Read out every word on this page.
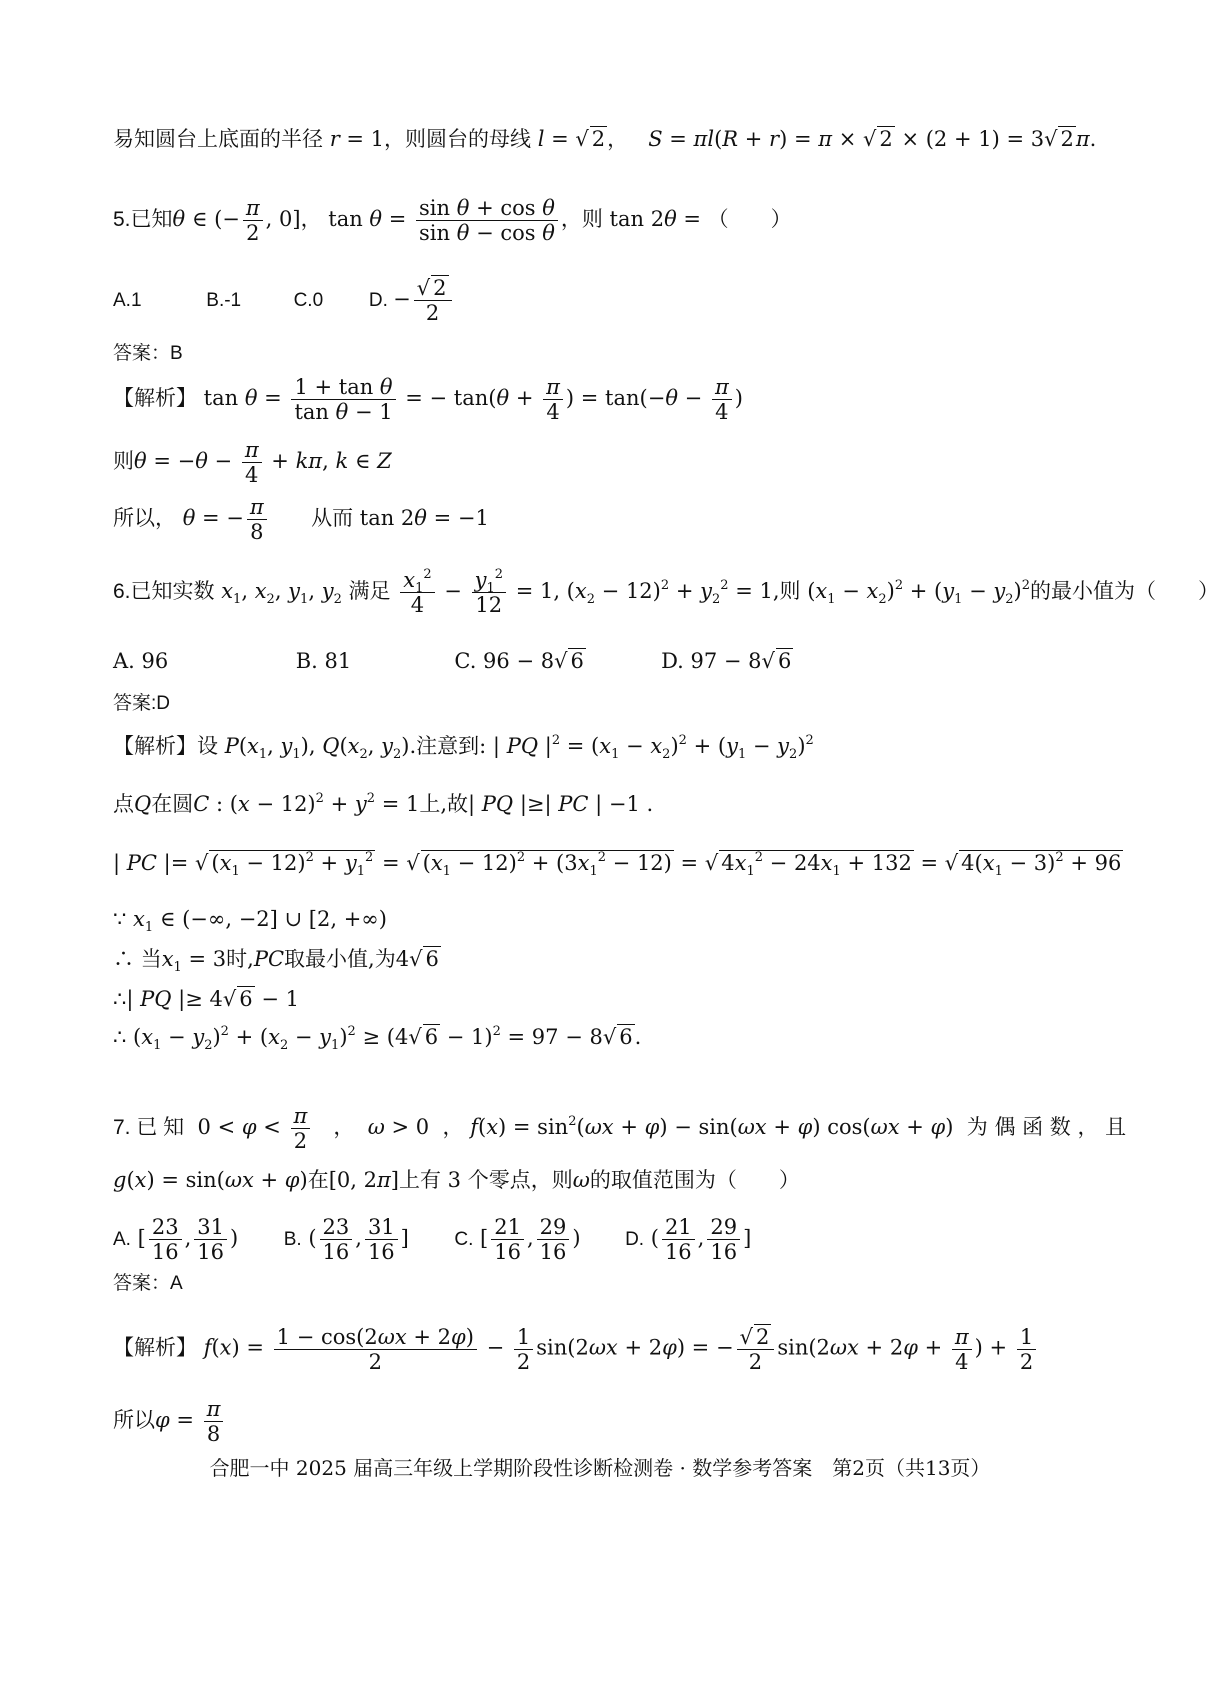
易知圆台上底面的半径 r = 1，则圆台的母线 l = √ 2， S = πl(R + r) = π × √ 2 × (2 + 1) = 3√ 2π.
5.已知θ ∈ (− $\frac{\pi}{2}$ , 0]， $\tan \theta = \frac{\text{sin θ + cos θ}}{\text{sin θ − cos θ}}$ ，则 tan 2θ = （　　）
A.1	B.-1	C.0 D. − $\frac{√ 2}{2}$
答案：B
【解析】 $\tan \theta = \frac{\text{1 + tan θ}}{\text{tan θ − 1}}$ = − $\tan(\theta + \frac{\pi}{4}$ ) = $\tan(-\theta - \frac{\pi}{4}$ )
则$\theta = -\theta - \frac{\pi}{4} + k\pi$, k ∈ Z
所以， θ = − $\frac{\pi}{8}$ 从而 tan 2θ = −1
6.已知实数 $x_1$, $x_2$, $y_1$, $y_2$ 满足 $\frac{x_1^2}{4} - \frac{y_1^2}{12} = 1$, $(x_2 - 12)^2 + y_2^2 = 1$,则 $(x_1 - x_2)^2 + (y_1 - y_2)^2$的最小值为（　　）
A. 96	B. 81	C. 96 − 8√ 6	D. 97 − 8√ 6
答案:D
【解析】设 $P(x_1$, $y_1$), $Q(x_2$, $y_2$).注意到: | PQ $|^2 = (x_1 - x_2)^2 + (y_1 - y_2)^2$
点Q在圆C : $(x - 12)^2 + y^2 = 1$上,故| PQ |≥| PC | −1 .
| PC |= √ $(x_1 - 12)^2 + y_1^2$ = √ $(x_1 - 12)^2 + (3x_1^2 - 12)$ = √ $4x_1^2 - 24x_1 + 132$ = √ $4(x_1 - 3)^2 + 96$
∵ $x_1$ ∈ (−∞, −2] ∪ [2, +∞)
∴ 当$x_1 = 3$时,PC取最小值,为4√ 6
∴| PQ |≥ 4√ 6 − 1
∴ $(x_1 - y_2)^2 + (x_2 - y_1)^2 \ge (4√$ 6 − 1)$^2$ = 97 − 8√ 6.
7. 已 知  $0 < \varphi < \frac{\pi}{2}$ ，  ω > 0  ， $f(x) = \sin^2(\omega x + \varphi) - \sin(\omega x + \varphi) \cos(\omega x + \varphi)$  为 偶 函 数 ， 且
g(x) = sin(ωx + φ)在[0, 2π]上有 3 个零点，则ω的取值范围为（　　）
A. [ $\frac{23}{16}$ , $\frac{31}{16}$ ) B. ( $\frac{23}{16}$ , $\frac{31}{16}$ ] C. [ $\frac{21}{16}$ , $\frac{29}{16}$ ) D. ( $\frac{21}{16}$ , $\frac{29}{16}$ ]
答案：A
【解析】 $f(x) = \frac{1 - \cos(2\omega x + 2\varphi)}{2} - \frac{1}{2} \sin(2\omega x + 2\varphi)$ = − $\frac{√ 2}{2} \sin(2\omega x + 2\varphi + \frac{\pi}{4}$ ) + $\frac{1}{2}$
所以$\varphi = \frac{\pi}{8}$
合肥一中 2025 届高三年级上学期阶段性诊断检测卷 · 数学参考答案　第2页（共13页）
